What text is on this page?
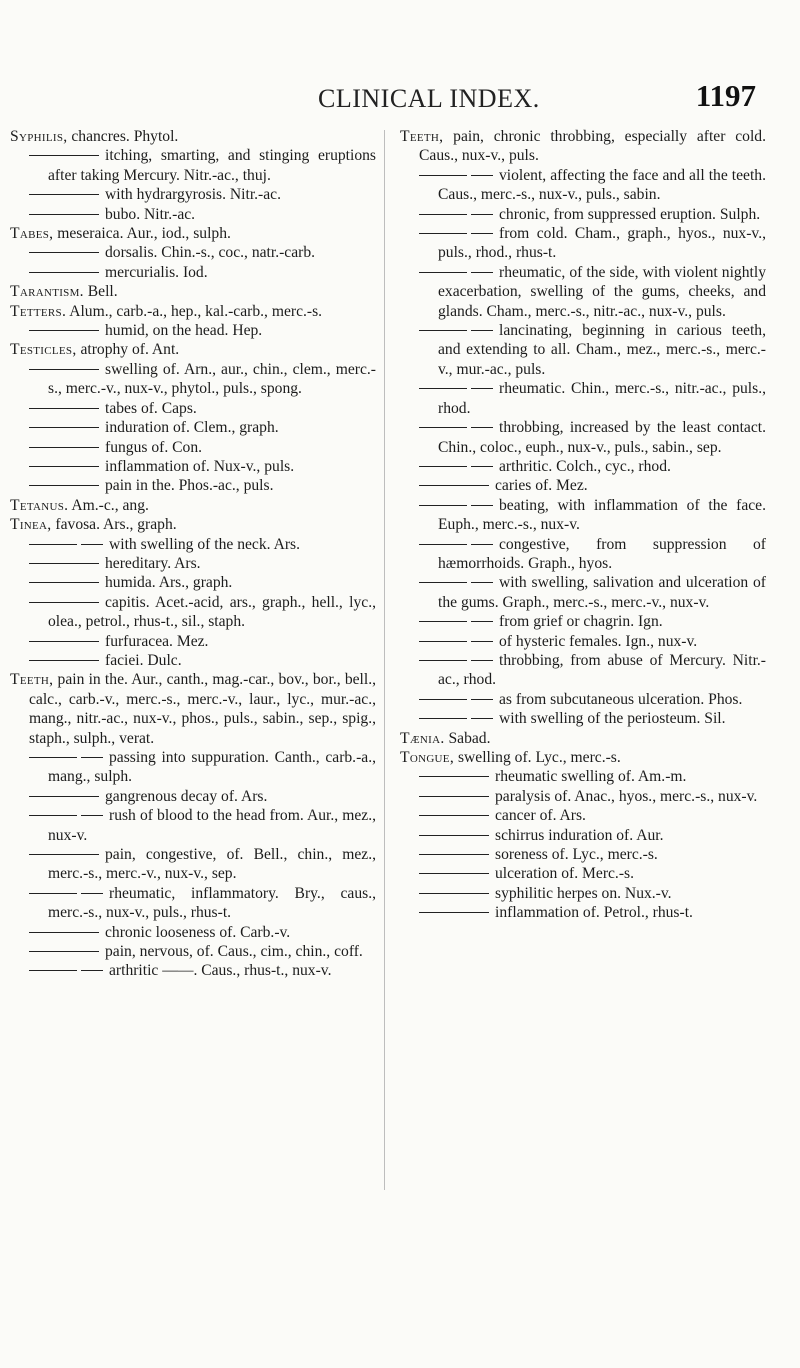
CLINICAL INDEX.	1197
Syphilis, chancres. Phytol.
itching, smarting, and stinging eruptions after taking Mercury. Nitr.-ac., thuj.
with hydrargyrosis. Nitr.-ac.
bubo. Nitr.-ac.
Tabes, meseraica. Aur., iod., sulph.
dorsalis. Chin.-s., coc., natr.-carb.
mercurialis. Iod.
Tarantism. Bell.
Tetters. Alum., carb.-a., hep., kal.-carb., merc.-s.
humid, on the head. Hep.
Testicles, atrophy of. Ant.
swelling of. Arn., aur., chin., clem., merc.-s., merc.-v., nux-v., phytol., puls., spong.
tabes of. Caps.
induration of. Clem., graph.
fungus of. Con.
inflammation of. Nux-v., puls.
pain in the. Phos.-ac., puls.
Tetanus. Am.-c., ang.
Tinea, favosa. Ars., graph.
with swelling of the neck. Ars.
hereditary. Ars.
humida. Ars., graph.
capitis. Acet.-acid, ars., graph., hell., lyc., olea., petrol., rhus-t., sil., staph.
furfuracea. Mez.
faciei. Dulc.
Teeth, pain in the. Aur., canth., mag.-car., bov., bor., bell., calc., carb.-v., merc.-s., merc.-v., laur., lyc., mur.-ac., mang., nitr.-ac., nux-v., phos., puls., sabin., sep., spig., staph., sulph., verat.
passing into suppuration. Canth., carb.-a., mang., sulph.
gangrenous decay of. Ars.
rush of blood to the head from. Aur., mez., nux-v.
pain, congestive, of. Bell., chin., mez., merc.-s., merc.-v., nux-v., sep.
rheumatic, inflammatory. Bry., caus., merc.-s., nux-v., puls., rhus-t.
chronic looseness of. Carb.-v.
pain, nervous, of. Caus., cim., chin., coff.
arthritic ——. Caus., rhus-t., nux-v.
Teeth, pain, chronic throbbing, especially after cold. Caus., nux-v., puls.
violent, affecting the face and all the teeth. Caus., merc.-s., nux-v., puls., sabin.
chronic, from suppressed eruption. Sulph.
from cold. Cham., graph., hyos., nux-v., puls., rhod., rhus-t.
rheumatic, of the side, with violent nightly exacerbation, swelling of the gums, cheeks, and glands. Cham., merc.-s., nitr.-ac., nux-v., puls.
lancinating, beginning in carious teeth, and extending to all. Cham., mez., merc.-s., merc.-v., mur.-ac., puls.
rheumatic. Chin., merc.-s., nitr.-ac., puls., rhod.
throbbing, increased by the least contact. Chin., coloc., euph., nux-v., puls., sabin., sep.
arthritic. Colch., cyc., rhod.
caries of. Mez.
beating, with inflammation of the face. Euph., merc.-s., nux-v.
congestive, from suppression of hæmorrhoids. Graph., hyos.
with swelling, salivation and ulceration of the gums. Graph., merc.-s., merc.-v., nux-v.
from grief or chagrin. Ign.
of hysteric females. Ign., nux-v.
throbbing, from abuse of Mercury. Nitr.-ac., rhod.
as from subcutaneous ulceration. Phos.
with swelling of the periosteum. Sil.
Tænia. Sabad.
Tongue, swelling of. Lyc., merc.-s.
rheumatic swelling of. Am.-m.
paralysis of. Anac., hyos., merc.-s., nux-v.
cancer of. Ars.
schirrus induration of. Aur.
soreness of. Lyc., merc.-s.
ulceration of. Merc.-s.
syphilitic herpes on. Nux.-v.
inflammation of. Petrol., rhus-t.
